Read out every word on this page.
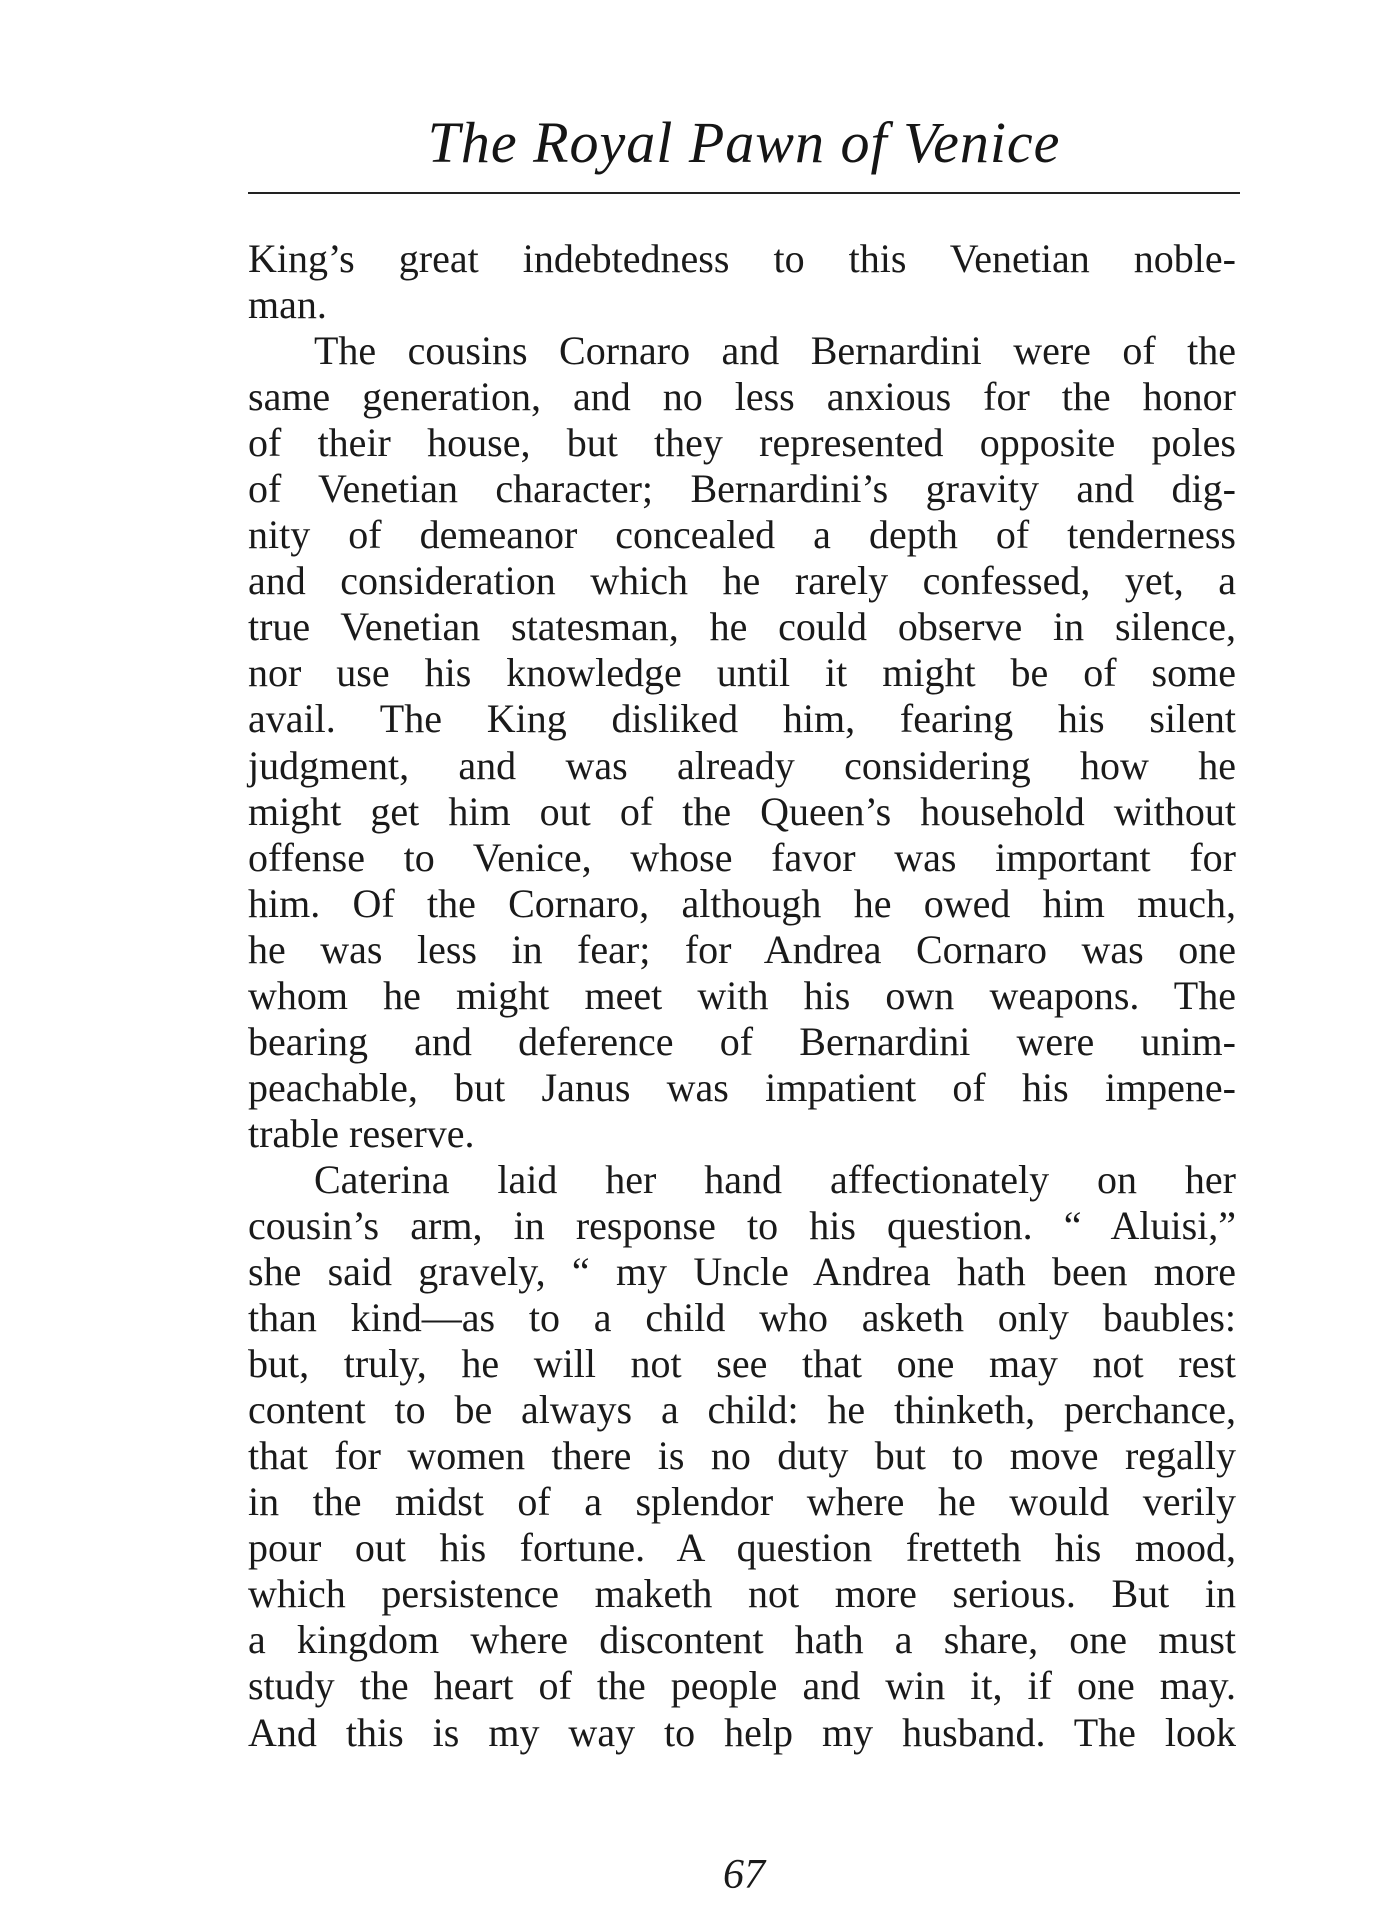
The Royal Pawn of Venice
King’s great indebtedness to this Venetian noble-
man.
The cousins Cornaro and Bernardini were of the
same generation, and no less anxious for the honor
of their house, but they represented opposite poles
of Venetian character; Bernardini’s gravity and dig-
nity of demeanor concealed a depth of tenderness
and consideration which he rarely confessed, yet, a
true Venetian statesman, he could observe in silence,
nor use his knowledge until it might be of some
avail. The King disliked him, fearing his silent
judgment, and was already considering how he
might get him out of the Queen’s household without
offense to Venice, whose favor was important for
him. Of the Cornaro, although he owed him much,
he was less in fear; for Andrea Cornaro was one
whom he might meet with his own weapons. The
bearing and deference of Bernardini were unim-
peachable, but Janus was impatient of his impene-
trable reserve.
Caterina laid her hand affectionately on her
cousin’s arm, in response to his question. “ Aluisi,”
she said gravely, “ my Uncle Andrea hath been more
than kind—as to a child who asketh only baubles:
but, truly, he will not see that one may not rest
content to be always a child: he thinketh, perchance,
that for women there is no duty but to move regally
in the midst of a splendor where he would verily
pour out his fortune. A question fretteth his mood,
which persistence maketh not more serious. But in
a kingdom where discontent hath a share, one must
study the heart of the people and win it, if one may.
And this is my way to help my husband. The look
67
